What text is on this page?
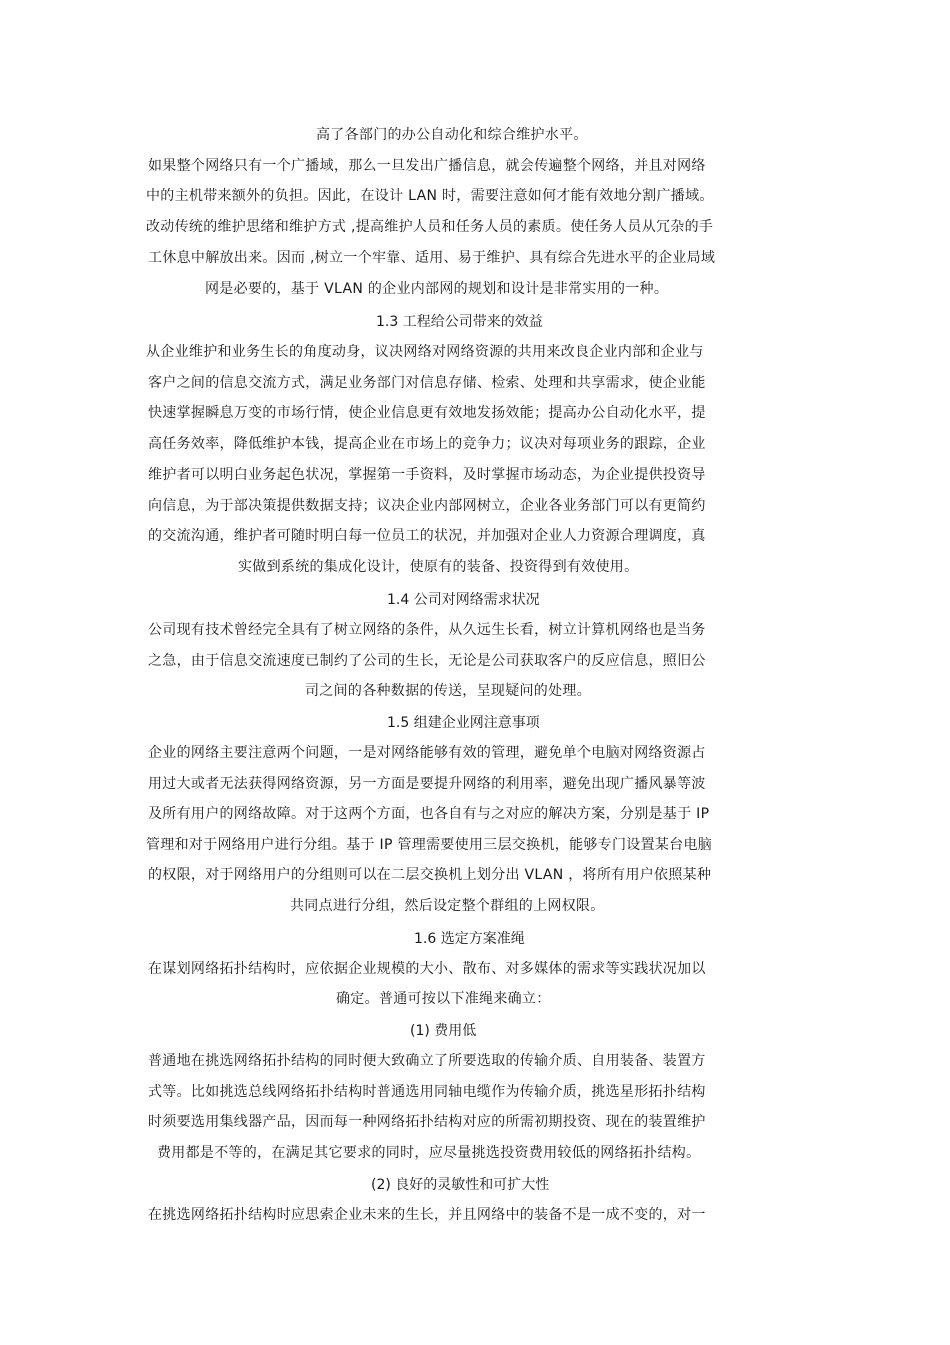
高了各部门的办公自动化和综合维护水平。
如果整个网络只有一个广播域，那么一旦发出广播信息，就会传遍整个网络，并且对网络
中的主机带来额外的负担。因此，在设计 LAN 时，需要注意如何才能有效地分割广播域。
改动传统的维护思绪和维护方式 ,提高维护人员和任务人员的素质。使任务人员从冗杂的手
工休息中解放出来。因而 ,树立一个牢靠、适用、易于维护、具有综合先进水平的企业局域
网是必要的，基于 VLAN 的企业内部网的规划和设计是非常实用的一种。
1.3 工程给公司带来的效益
从企业维护和业务生长的角度动身，议决网络对网络资源的共用来改良企业内部和企业与
客户之间的信息交流方式，满足业务部门对信息存储、检索、处理和共享需求，使企业能
快速掌握瞬息万变的市场行情，使企业信息更有效地发扬效能；提高办公自动化水平，提
高任务效率，降低维护本钱，提高企业在市场上的竞争力；议决对每项业务的跟踪，企业
维护者可以明白业务起色状况，掌握第一手资料，及时掌握市场动态，为企业提供投资导
向信息，为于部决策提供数据支持；议决企业内部网树立，企业各业务部门可以有更简约
的交流沟通，维护者可随时明白每一位员工的状况，并加强对企业人力资源合理调度，真
实做到系统的集成化设计，使原有的装备、投资得到有效使用。
1.4 公司对网络需求状况
公司现有技术曾经完全具有了树立网络的条件，从久远生长看，树立计算机网络也是当务
之急，由于信息交流速度已制约了公司的生长，无论是公司获取客户的反应信息，照旧公
司之间的各种数据的传送，呈现疑问的处理。
1.5 组建企业网注意事项
企业的网络主要注意两个问题，一是对网络能够有效的管理，避免单个电脑对网络资源占
用过大或者无法获得网络资源，另一方面是要提升网络的利用率，避免出现广播风暴等波
及所有用户的网络故障。对于这两个方面，也各自有与之对应的解决方案，分别是基于 IP
管理和对于网络用户进行分组。基于 IP 管理需要使用三层交换机，能够专门设置某台电脑
的权限，对于网络用户的分组则可以在二层交换机上划分出 VLAN ，将所有用户依照某种
共同点进行分组，然后设定整个群组的上网权限。
1.6 选定方案准绳
在谋划网络拓扑结构时，应依据企业规模的大小、散布、对多媒体的需求等实践状况加以
确定。普通可按以下准绳来确立：
(1) 费用低
普通地在挑选网络拓扑结构的同时便大致确立了所要选取的传输介质、自用装备、装置方
式等。比如挑选总线网络拓扑结构时普通选用同轴电缆作为传输介质，挑选星形拓扑结构
时须要选用集线器产品，因而每一种网络拓扑结构对应的所需初期投资、现在的装置维护
费用都是不等的，在满足其它要求的同时，应尽量挑选投资费用较低的网络拓扑结构。
(2) 良好的灵敏性和可扩大性
在挑选网络拓扑结构时应思索企业未来的生长，并且网络中的装备不是一成不变的，对一
